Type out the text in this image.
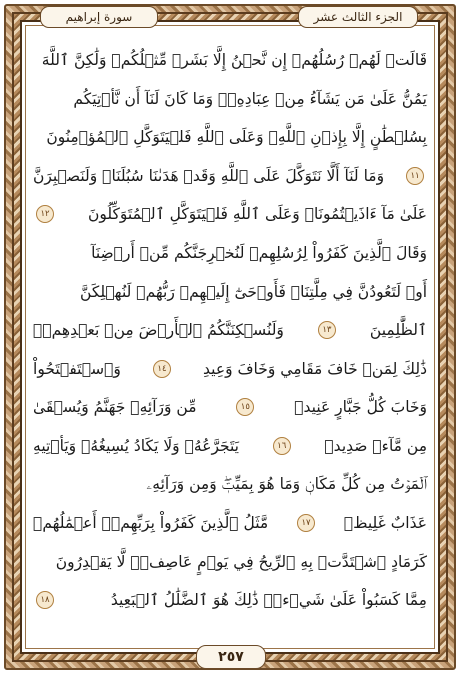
الجزء الثالث عشر
سورة إبراهيم
قَالَتۡ لَهُمۡ رُسُلُهُمۡ إِن نَّحۡنُ إِلَّا بَشَرٞ مِّثۡلُكُمۡ وَلَٰكِنَّ ٱللَّهَ
يَمُنُّ عَلَىٰ مَن يَشَآءُ مِنۡ عِبَادِهِۦۖ وَمَا كَانَ لَنَآ أَن نَّأۡتِيَكُم
بِسُلۡطَٰنٍ إِلَّا بِإِذۡنِ ٱللَّهِۚ وَعَلَى ٱللَّهِ فَلۡيَتَوَكَّلِ ٱلۡمُؤۡمِنُونَ
١١
وَمَا لَنَآ أَلَّا نَتَوَكَّلَ عَلَى ٱللَّهِ وَقَدۡ هَدَىٰنَا سُبُلَنَاۚ وَلَنَصۡبِرَنَّ
عَلَىٰ مَآ ءَاذَيۡتُمُونَاۚ وَعَلَى ٱللَّهِ فَلۡيَتَوَكَّلِ ٱلۡمُتَوَكِّلُونَ
١٢
وَقَالَ ٱلَّذِينَ كَفَرُواْ لِرُسُلِهِمۡ لَنُخۡرِجَنَّكُم مِّنۡ أَرۡضِنَآ
أَوۡ لَتَعُودُنَّ فِي مِلَّتِنَاۖ فَأَوۡحَىٰٓ إِلَيۡهِمۡ رَبُّهُمۡ لَنُهۡلِكَنَّ
ٱلظَّٰلِمِينَ
١٣
وَلَنُسۡكِنَنَّكُمُ ٱلۡأَرۡضَ مِنۢ بَعۡدِهِمۡۚ
ذَٰلِكَ لِمَنۡ خَافَ مَقَامِي وَخَافَ وَعِيدِ
١٤
وَٱسۡتَفۡتَحُواْ
وَخَابَ كُلُّ جَبَّارٍ عَنِيدٖ
١٥
مِّن وَرَآئِهِۦ جَهَنَّمُ وَيُسۡقَىٰ
مِن مَّآءٖ صَدِيدٖ
١٦
يَتَجَرَّعُهُۥ وَلَا يَكَادُ يُسِيغُهُۥ وَيَأۡتِيهِ
ٱلۡمَوۡتُ مِن كُلِّ مَكَانٖ وَمَا هُوَ بِمَيِّتٖۖ وَمِن وَرَآئِهِۦ
عَذَابٌ غَلِيظٞ
١٧
مَّثَلُ ٱلَّذِينَ كَفَرُواْ بِرَبِّهِمۡۖ أَعۡمَٰلُهُمۡ
كَرَمَادٍ ٱشۡتَدَّتۡ بِهِ ٱلرِّيحُ فِي يَوۡمٍ عَاصِفٖۖ لَّا يَقۡدِرُونَ
مِمَّا كَسَبُواْ عَلَىٰ شَيۡءٖۚ ذَٰلِكَ هُوَ ٱلضَّلَٰلُ ٱلۡبَعِيدُ
١٨
٢٥٧
